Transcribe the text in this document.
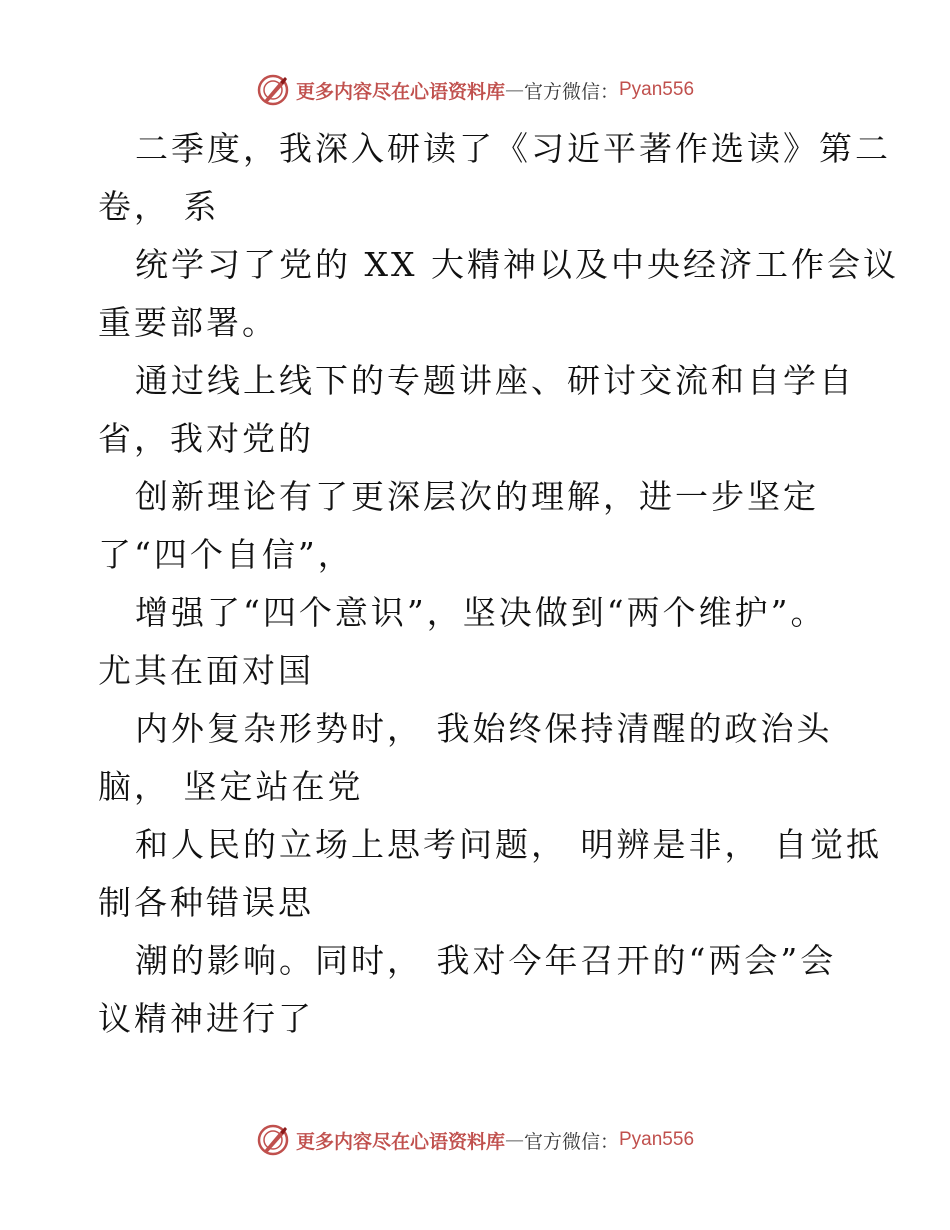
更多内容尽在心语资料库 — 官方微信： Pyan556
二季度，我深入研读了《习近平著作选读》第二
卷， 系
统学习了党的 XX 大精神以及中央经济工作会议
重要部署。
通过线上线下的专题讲座、研讨交流和自学自
省，我对党的
创新理论有了更深层次的理解，进一步坚定
了“四个自信”，
增强了“四个意识”，坚决做到“两个维护”。
尤其在面对国
内外复杂形势时， 我始终保持清醒的政治头
脑， 坚定站在党
和人民的立场上思考问题， 明辨是非， 自觉抵
制各种错误思
潮的影响。同时， 我对今年召开的“两会”会
议精神进行了
更多内容尽在心语资料库 — 官方微信： Pyan556
